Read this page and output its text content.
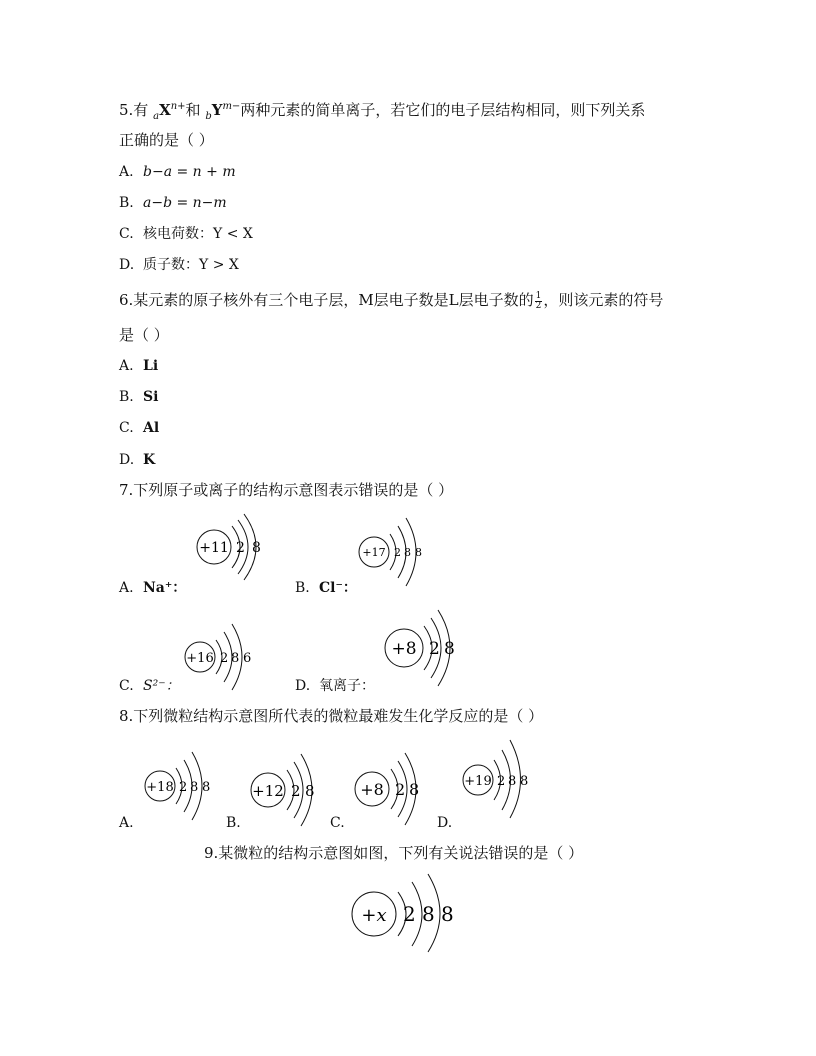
5.有 $_aX^{n+}$和 $_bY^{m-}$两种元素的简单离子，若它们的电子层结构相同，则下列关系
正确的是（ ）
A. b−a = n + m
B. a−b = n−m
C. 核电荷数：Y < X
D. 质子数：Y > X
6.某元素的原子核外有三个电子层，M层电子数是L层电子数的 $\frac{1}{2}$ ，则该元素的符号
是（ ）
A. Li
B. Si
C. Al
D. K
7.下列原子或离子的结构示意图表示错误的是（ ）
A. Na⁺：
+11 2 8
B. Cl⁻：
+17 2 8 8
C. S²⁻：
+16 2 8 6
D. 氧离子：
+8 2 8
8.下列微粒结构示意图所代表的微粒最难发生化学反应的是（ ）
A.
+18 2 8 8
B.
+12 2 8
C.
+8 2 8
D.
+19 2 8 8
9.某微粒的结构示意图如图，下列有关说法错误的是（ ）
+x 2 8 8
